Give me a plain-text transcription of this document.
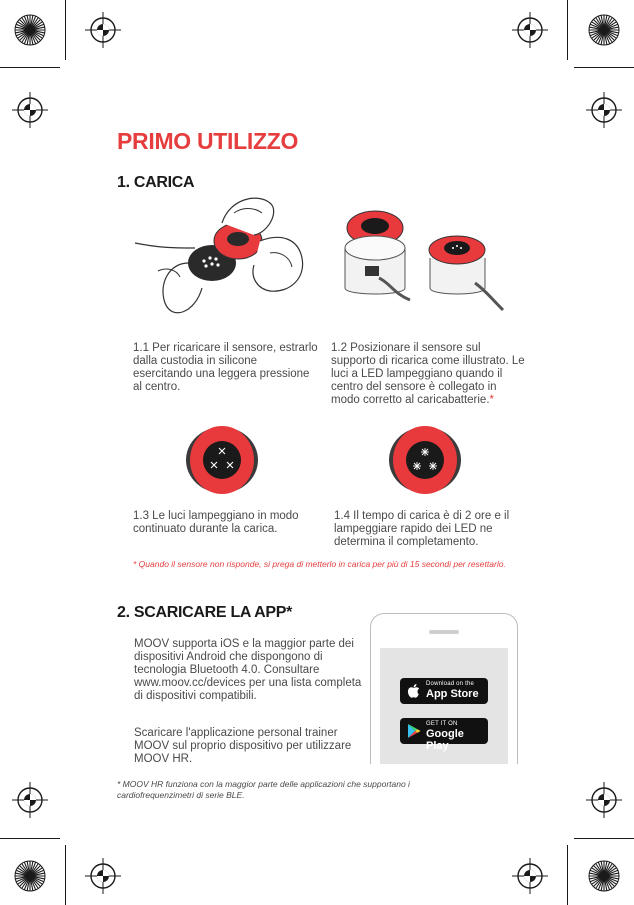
PRIMO UTILIZZO
1. CARICA

1.1 Per ricaricare il sensore, estrarlo dalla custodia in silicone esercitando una leggera pressione al centro.

1.2 Posizionare il sensore sul supporto di ricarica come illustrato. Le luci a LED lampeggiano quando il centro del sensore è collegato in modo corretto al caricabatterie.*

1.3 Le luci lampeggiano in modo continuato durante la carica.

1.4 Il tempo di carica è di 2 ore e il lampeggiare rapido dei LED ne determina il completamento.

* Quando il sensore non risponde, si prega di metterlo in carica per più di 15 secondi per resettarlo.
2. SCARICARE LA APP*

MOOV supporta iOS e la maggior parte dei dispositivi Android che dispongono di tecnologia Bluetooth 4.0. Consultare www.moov.cc/devices per una lista completa di dispositivi compatibili.

Scaricare l'applicazione personal trainer MOOV sul proprio dispositivo per utilizzare MOOV HR.

Download on the
App Store
GET IT ON
Google Play
* MOOV HR funziona con la maggior parte delle applicazioni che supportano i cardiofrequenzimetri di serie BLE.
